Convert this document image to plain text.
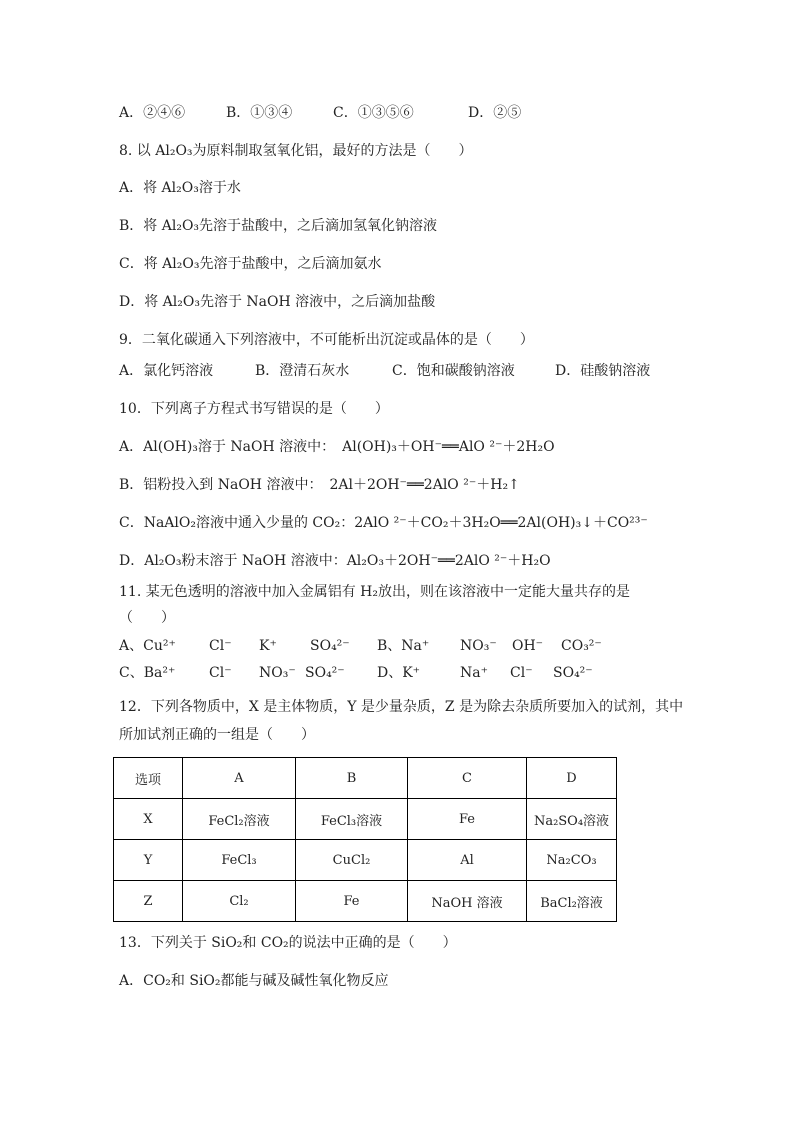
A．②④⑥	B．①③④	C．①③⑤⑥	D．②⑤
8. 以 Al₂O₃为原料制取氢氧化铝，最好的方法是（　　）
A．将 Al₂O₃溶于水
B．将 Al₂O₃先溶于盐酸中，之后滴加氢氧化钠溶液
C．将 Al₂O₃先溶于盐酸中，之后滴加氨水
D．将 Al₂O₃先溶于 NaOH 溶液中，之后滴加盐酸
9．二氧化碳通入下列溶液中，不可能析出沉淀或晶体的是（　　）
A．氯化钙溶液	B．澄清石灰水	C．饱和碳酸钠溶液	D．硅酸钠溶液
10．下列离子方程式书写错误的是（　　）
A．Al(OH)₃溶于 NaOH 溶液中：　Al(OH)₃＋OH⁻══AlO ²⁻＋2H₂O
B．铝粉投入到 NaOH 溶液中：　2Al＋2OH⁻══2AlO ²⁻＋H₂↑
C．NaAlO₂溶液中通入少量的 CO₂：2AlO ²⁻＋CO₂＋3H₂O══2Al(OH)₃↓＋CO²³⁻
D．Al₂O₃粉末溶于 NaOH 溶液中：Al₂O₃＋2OH⁻══2AlO ²⁻＋H₂O
11. 某无色透明的溶液中加入金属铝有 H₂放出，则在该溶液中一定能大量共存的是
（　　）
A、Cu²⁺ Cl⁻ K⁺ SO₄²⁻ B、Na⁺ NO₃⁻ OH⁻ CO₃²⁻
C、Ba²⁺ Cl⁻ NO₃⁻ SO₄²⁻ D、K⁺	Na⁺ Cl⁻ SO₄²⁻
12．下列各物质中，X 是主体物质，Y 是少量杂质，Z 是为除去杂质所要加入的试剂，其中
所加试剂正确的一组是（　　）
选项	A	B	C	D
X	FeCl₂溶液	FeCl₃溶液	Fe	Na₂SO₄溶液
Y	FeCl₃	CuCl₂	Al	Na₂CO₃
Z	Cl₂	Fe	NaOH 溶液	BaCl₂溶液
13．下列关于 SiO₂和 CO₂的说法中正确的是（　　）
A．CO₂和 SiO₂都能与碱及碱性氧化物反应
